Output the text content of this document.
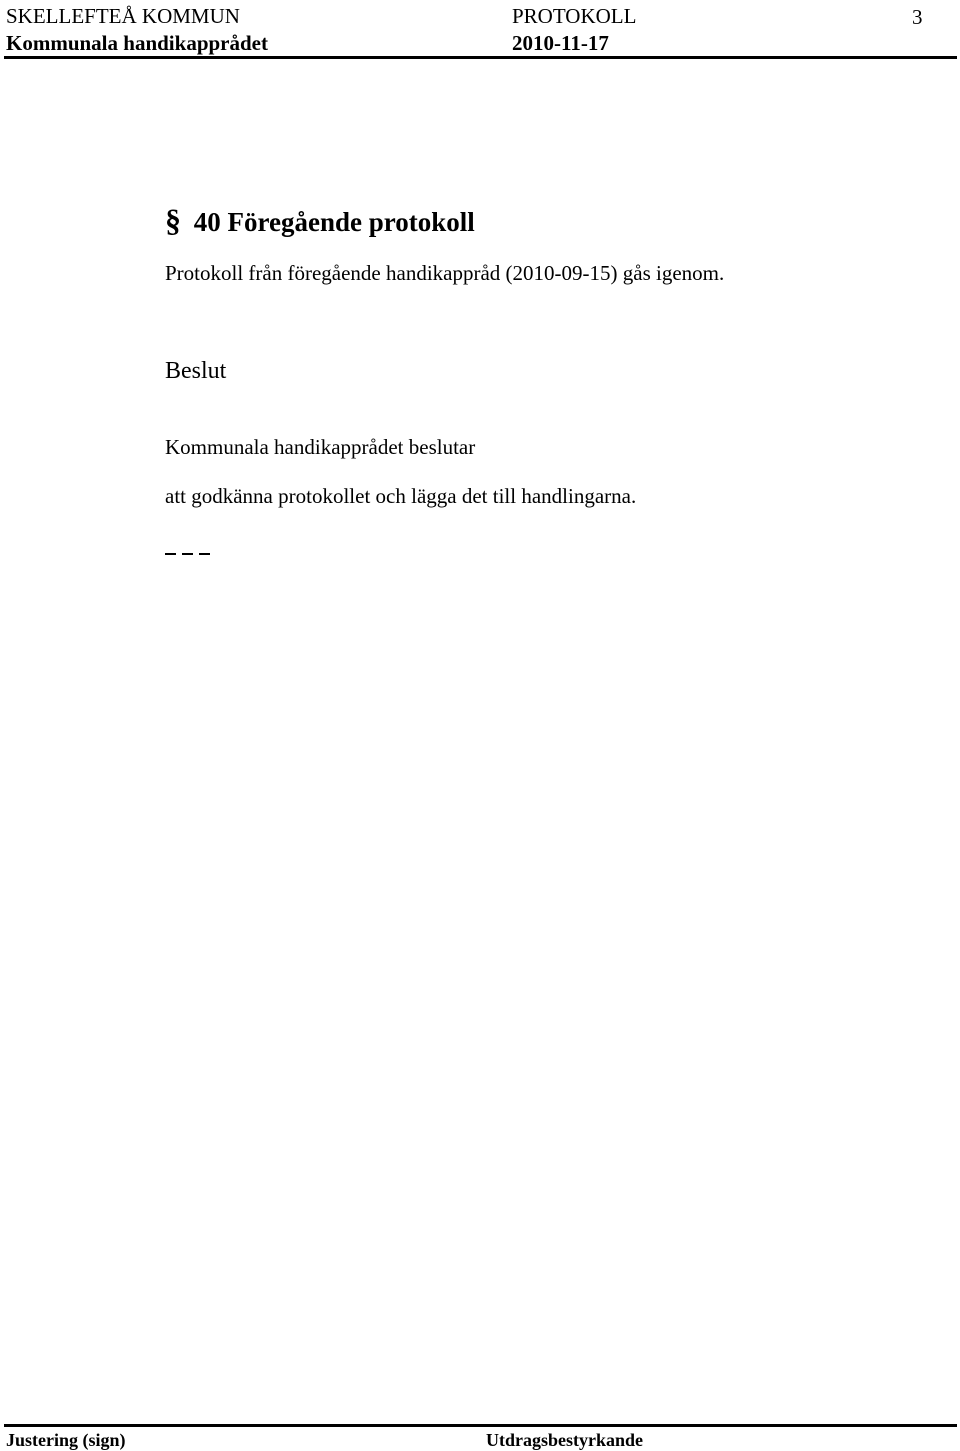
SKELLEFTEÅ KOMMUN
Kommunala handikapprådet
PROTOKOLL
2010-11-17
3
§ 40 Föregående protokoll
Protokoll från föregående handikappråd (2010-09-15) gås igenom.
Beslut
Kommunala handikapprådet beslutar
att godkänna protokollet och lägga det till handlingarna.
Justering (sign)	Utdragsbestyrkande
